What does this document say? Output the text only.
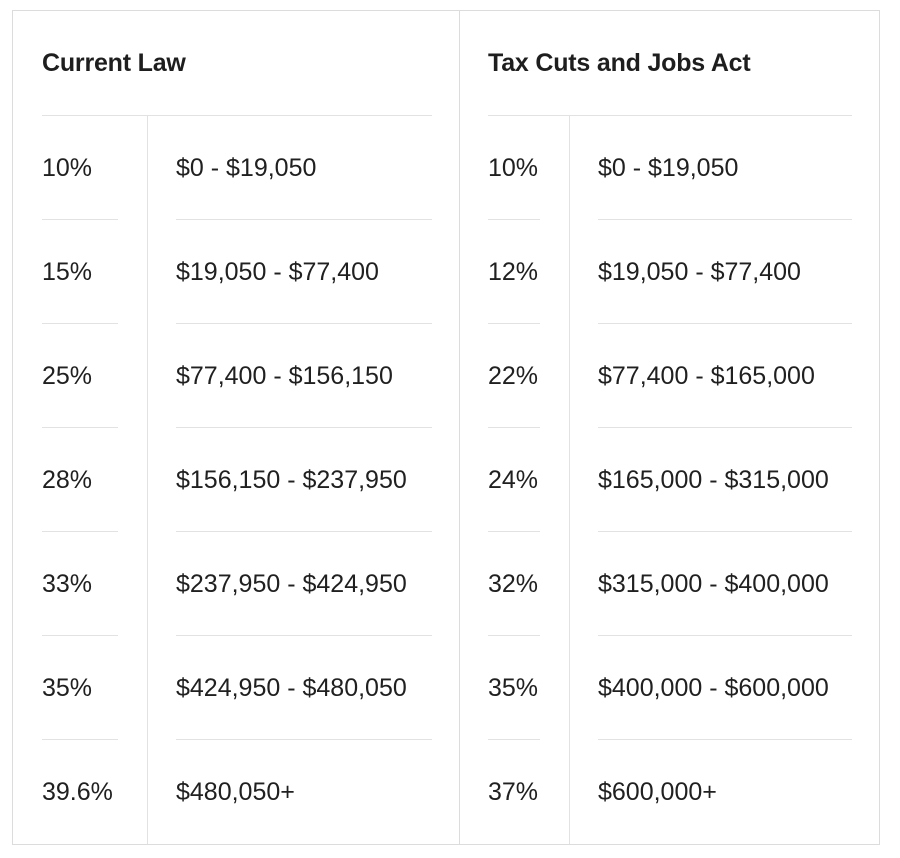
Current Law
10%	$0 - $19,050
15%	$19,050 - $77,400
25%	$77,400 - $156,150
28%	$156,150 - $237,950
33%	$237,950 - $424,950
35%	$424,950 - $480,050
39.6%	$480,050+
Tax Cuts and Jobs Act
10% $0 - $19,050
12% $19,050 - $77,400
22% $77,400 - $165,000
24% $165,000 - $315,000
32% $315,000 - $400,000
35% $400,000 - $600,000
37% $600,000+
